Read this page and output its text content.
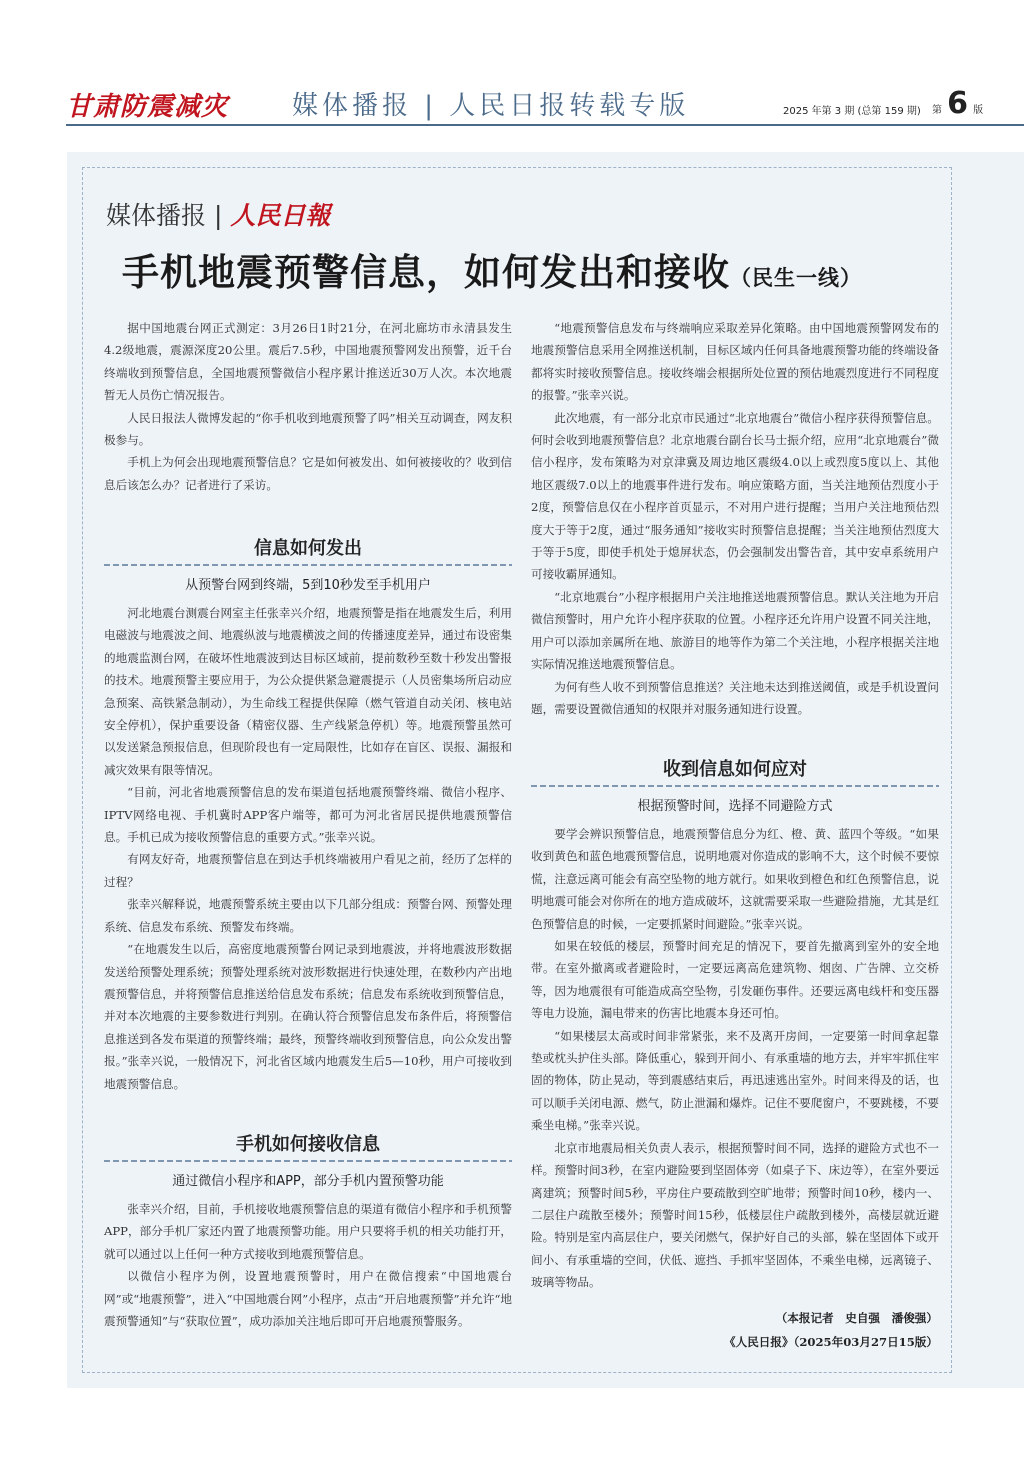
甘肃防震减灾 媒体播报 | 人民日报转载专版	2025 年第 3 期 (总第 159 期) 第 6 版
媒体播报 | 人民日報
手机地震预警信息，如何发出和接收（民生一线）

据中国地震台网正式测定：3月26日1时21分，在河北廊坊市永清县发生4.2级地震，震源深度20公里。震后7.5秒，中国地震预警网发出预警，近千台终端收到预警信息，全国地震预警微信小程序累计推送近30万人次。本次地震暂无人员伤亡情况报告。

人民日报法人微博发起的“你手机收到地震预警了吗”相关互动调查，网友积极参与。

手机上为何会出现地震预警信息？它是如何被发出、如何被接收的？收到信息后该怎么办？记者进行了采访。

信息如何发出
从预警台网到终端，5到10秒发至手机用户

河北地震台测震台网室主任张幸兴介绍，地震预警是指在地震发生后，利用电磁波与地震波之间、地震纵波与地震横波之间的传播速度差异，通过布设密集的地震监测台网，在破坏性地震波到达目标区域前，提前数秒至数十秒发出警报的技术。地震预警主要应用于，为公众提供紧急避震提示（人员密集场所启动应急预案、高铁紧急制动），为生命线工程提供保障（燃气管道自动关闭、核电站安全停机），保护重要设备（精密仪器、生产线紧急停机）等。地震预警虽然可以发送紧急预报信息，但现阶段也有一定局限性，比如存在盲区、误报、漏报和减灾效果有限等情况。

“目前，河北省地震预警信息的发布渠道包括地震预警终端、微信小程序、IPTV网络电视、手机冀时APP客户端等，都可为河北省居民提供地震预警信息。手机已成为接收预警信息的重要方式。”张幸兴说。

有网友好奇，地震预警信息在到达手机终端被用户看见之前，经历了怎样的过程？

张幸兴解释说，地震预警系统主要由以下几部分组成：预警台网、预警处理系统、信息发布系统、预警发布终端。

“在地震发生以后，高密度地震预警台网记录到地震波，并将地震波形数据发送给预警处理系统；预警处理系统对波形数据进行快速处理，在数秒内产出地震预警信息，并将预警信息推送给信息发布系统；信息发布系统收到预警信息，并对本次地震的主要参数进行判别。在确认符合预警信息发布条件后，将预警信息推送到各发布渠道的预警终端；最终，预警终端收到预警信息，向公众发出警报。”张幸兴说，一般情况下，河北省区域内地震发生后5—10秒，用户可接收到地震预警信息。

手机如何接收信息
通过微信小程序和APP，部分手机内置预警功能

张幸兴介绍，目前，手机接收地震预警信息的渠道有微信小程序和手机预警APP，部分手机厂家还内置了地震预警功能。用户只要将手机的相关功能打开，就可以通过以上任何一种方式接收到地震预警信息。

以微信小程序为例，设置地震预警时，用户在微信搜索“中国地震台网”或“地震预警”，进入“中国地震台网”小程序，点击“开启地震预警”并允许“地震预警通知”与“获取位置”，成功添加关注地后即可开启地震预警服务。

“地震预警信息发布与终端响应采取差异化策略。由中国地震预警网发布的地震预警信息采用全网推送机制，目标区域内任何具备地震预警功能的终端设备都将实时接收预警信息。接收终端会根据所处位置的预估地震烈度进行不同程度的报警。”张幸兴说。

此次地震，有一部分北京市民通过“北京地震台”微信小程序获得预警信息。何时会收到地震预警信息？北京地震台副台长马士振介绍，应用“北京地震台”微信小程序，发布策略为对京津冀及周边地区震级4.0以上或烈度5度以上、其他地区震级7.0以上的地震事件进行发布。响应策略方面，当关注地预估烈度小于2度，预警信息仅在小程序首页显示，不对用户进行提醒；当用户关注地预估烈度大于等于2度，通过“服务通知”接收实时预警信息提醒；当关注地预估烈度大于等于5度，即使手机处于熄屏状态，仍会强制发出警告音，其中安卓系统用户可接收霸屏通知。

“北京地震台”小程序根据用户关注地推送地震预警信息。默认关注地为开启微信预警时，用户允许小程序获取的位置。小程序还允许用户设置不同关注地，用户可以添加亲属所在地、旅游目的地等作为第二个关注地，小程序根据关注地实际情况推送地震预警信息。

为何有些人收不到预警信息推送？关注地未达到推送阈值，或是手机设置问题，需要设置微信通知的权限并对服务通知进行设置。

收到信息如何应对
根据预警时间，选择不同避险方式

要学会辨识预警信息，地震预警信息分为红、橙、黄、蓝四个等级。“如果收到黄色和蓝色地震预警信息，说明地震对你造成的影响不大，这个时候不要惊慌，注意远离可能会有高空坠物的地方就行。如果收到橙色和红色预警信息，说明地震可能会对你所在的地方造成破坏，这就需要采取一些避险措施，尤其是红色预警信息的时候，一定要抓紧时间避险。”张幸兴说。

如果在较低的楼层，预警时间充足的情况下，要首先撤离到室外的安全地带。在室外撤离或者避险时，一定要远离高危建筑物、烟囱、广告牌、立交桥等，因为地震很有可能造成高空坠物，引发砸伤事件。还要远离电线杆和变压器等电力设施，漏电带来的伤害比地震本身还可怕。

“如果楼层太高或时间非常紧张，来不及离开房间，一定要第一时间拿起靠垫或枕头护住头部。降低重心，躲到开间小、有承重墙的地方去，并牢牢抓住牢固的物体，防止晃动，等到震感结束后，再迅速逃出室外。时间来得及的话，也可以顺手关闭电源、燃气，防止泄漏和爆炸。记住不要爬窗户，不要跳楼，不要乘坐电梯。”张幸兴说。

北京市地震局相关负责人表示，根据预警时间不同，选择的避险方式也不一样。预警时间3秒，在室内避险要到坚固体旁（如桌子下、床边等），在室外要远离建筑；预警时间5秒，平房住户要疏散到空旷地带；预警时间10秒，楼内一、二层住户疏散至楼外；预警时间15秒，低楼层住户疏散到楼外，高楼层就近避险。特别是室内高层住户，要关闭燃气，保护好自己的头部，躲在坚固体下或开间小、有承重墙的空间，伏低、遮挡、手抓牢坚固体，不乘坐电梯，远离镜子、玻璃等物品。

（本报记者　史自强　潘俊强）
《人民日报》（2025年03月27日15版）
